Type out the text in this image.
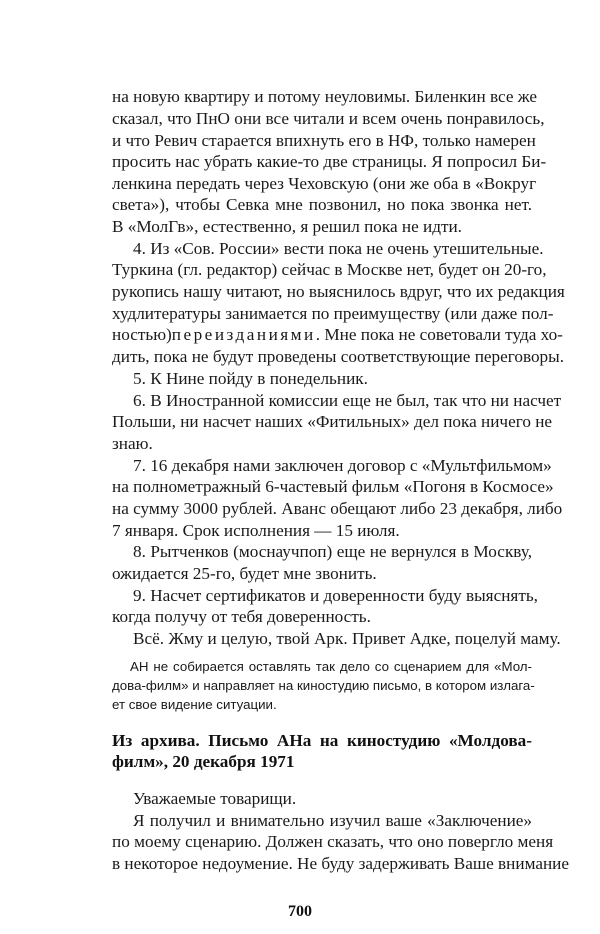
на новую квартиру и потому неуловимы. Биленкин все же
сказал, что ПнО они все читали и всем очень понравилось,
и что Ревич старается впихнуть его в НФ, только намерен
просить нас убрать какие-то две страницы. Я попросил Би-
ленкина передать через Чеховскую (они же оба в «Вокруг
света»), чтобы Севка мне позвонил, но пока звонка нет.
В «МолГв», естественно, я решил пока не идти.
4. Из «Сов. России» вести пока не очень утешительные.
Туркина (гл. редактор) сейчас в Москве нет, будет он 20-го,
рукопись нашу читают, но выяснилось вдруг, что их редакция
худлитературы занимается по преимуществу (или даже пол-
ностью) переизданиями. Мне пока не советовали туда хо-
дить, пока не будут проведены соответствующие переговоры.
5. К Нине пойду в понедельник.
6. В Иностранной комиссии еще не был, так что ни насчет
Польши, ни насчет наших «Фитильных» дел пока ничего не
знаю.
7. 16 декабря нами заключен договор с «Мультфильмом»
на полнометражный 6-частевый фильм «Погоня в Космосе»
на сумму 3000 рублей. Аванс обещают либо 23 декабря, либо
7 января. Срок исполнения — 15 июля.
8. Рытченков (моснаучпоп) еще не вернулся в Москву,
ожидается 25-го, будет мне звонить.
9. Насчет сертификатов и доверенности буду выяснять,
когда получу от тебя доверенность.
Всё. Жму и целую, твой Арк. Привет Адке, поцелуй маму.
АН не собирается оставлять так дело со сценарием для «Мол-
дова-филм» и направляет на киностудию письмо, в котором излага-
ет свое видение ситуации.
Из архива. Письмо АНа на киностудию «Молдова-
филм», 20 декабря 1971
Уважаемые товарищи.
Я получил и внимательно изучил ваше «Заключение»
по моему сценарию. Должен сказать, что оно повергло меня
в некоторое недоумение. Не буду задерживать Ваше внимание
700
